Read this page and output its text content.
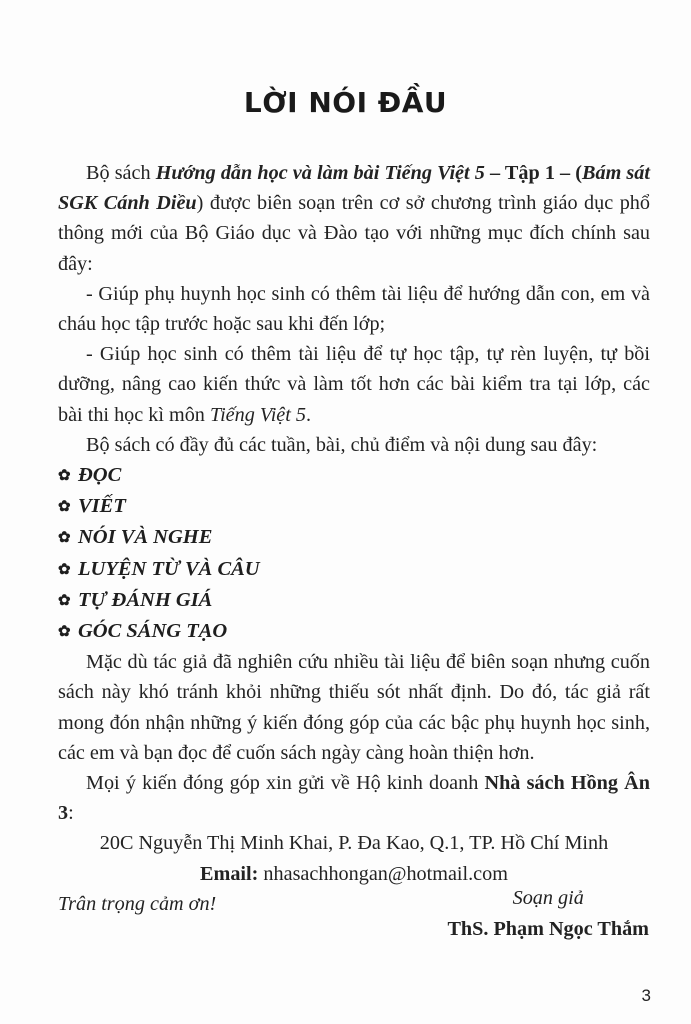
LỜI NÓI ĐẦU

Bộ sách Hướng dẫn học và làm bài Tiếng Việt 5 – Tập 1 – (Bám sát SGK Cánh Diều) được biên soạn trên cơ sở chương trình giáo dục phổ thông mới của Bộ Giáo dục và Đào tạo với những mục đích chính sau đây:

- Giúp phụ huynh học sinh có thêm tài liệu để hướng dẫn con, em và cháu học tập trước hoặc sau khi đến lớp;

- Giúp học sinh có thêm tài liệu để tự học tập, tự rèn luyện, tự bồi dưỡng, nâng cao kiến thức và làm tốt hơn các bài kiểm tra tại lớp, các bài thi học kì môn Tiếng Việt 5.

Bộ sách có đầy đủ các tuần, bài, chủ điểm và nội dung sau đây:

✿ ĐỌC
✿ VIẾT
✿ NÓI VÀ NGHE
✿ LUYỆN TỪ VÀ CÂU
✿ TỰ ĐÁNH GIÁ
✿ GÓC SÁNG TẠO

Mặc dù tác giả đã nghiên cứu nhiều tài liệu để biên soạn nhưng cuốn sách này khó tránh khỏi những thiếu sót nhất định. Do đó, tác giả rất mong đón nhận những ý kiến đóng góp của các bậc phụ huynh học sinh, các em và bạn đọc để cuốn sách ngày càng hoàn thiện hơn.

Mọi ý kiến đóng góp xin gửi về Hộ kinh doanh Nhà sách Hồng Ân 3:

20C Nguyễn Thị Minh Khai, P. Đa Kao, Q.1, TP. Hồ Chí Minh

Email: nhasachhongan@hotmail.com

Trân trọng cảm ơn!	Soạn giả
ThS. Phạm Ngọc Thắm
3
